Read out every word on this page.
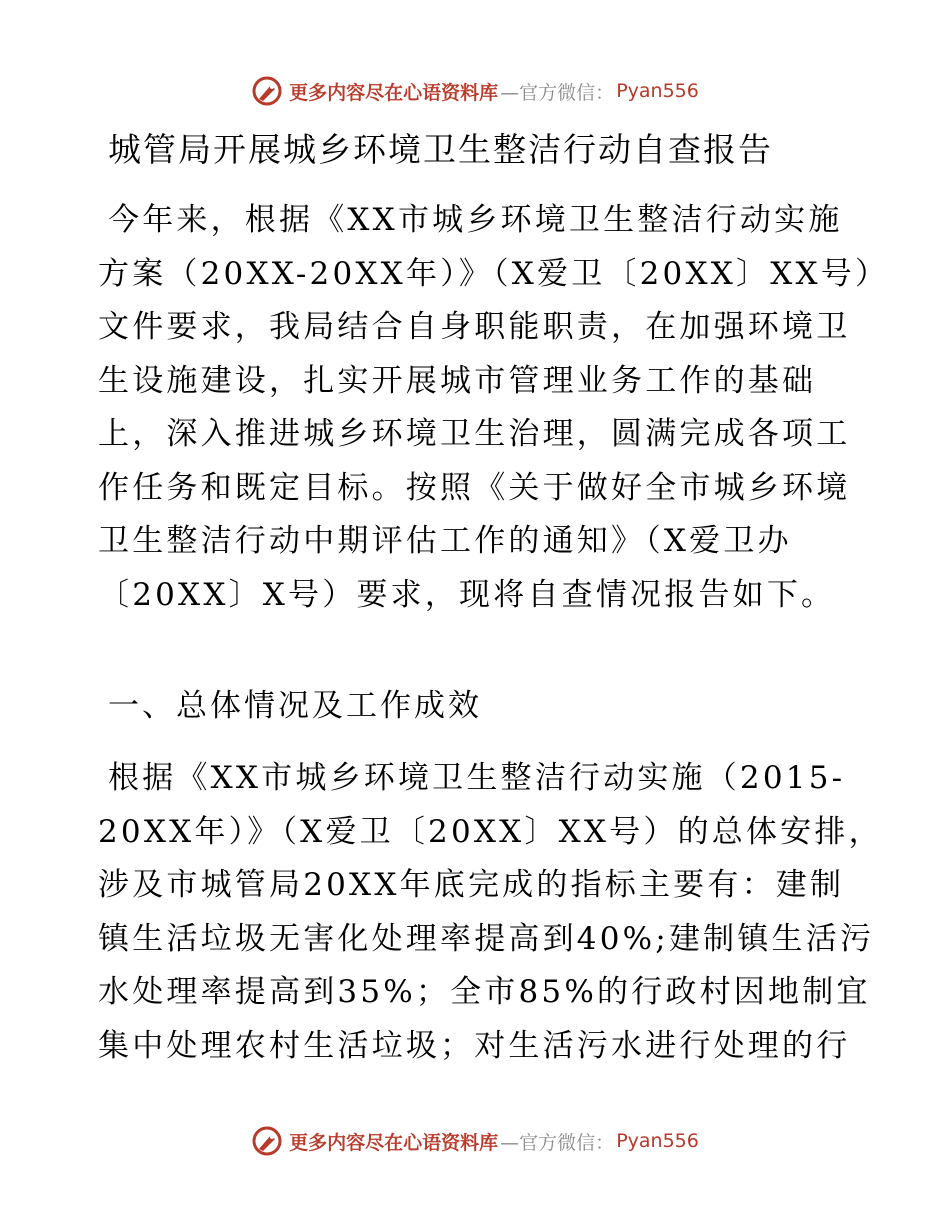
更多内容尽在心语资料库 —官方微信： Pyan556
城管局开展城乡环境卫生整洁行动自查报告
今年来，根据《XX市城乡环境卫生整洁行动实施
方案（20XX-20XX年）》（X爱卫〔20XX〕XX号）
文件要求，我局结合自身职能职责，在加强环境卫
生设施建设，扎实开展城市管理业务工作的基础
上，深入推进城乡环境卫生治理，圆满完成各项工
作任务和既定目标。按照《关于做好全市城乡环境
卫生整洁行动中期评估工作的通知》（X爱卫办
〔20XX〕X号）要求，现将自查情况报告如下。
一、总体情况及工作成效
根据《XX市城乡环境卫生整洁行动实施（2015-
20XX年）》（X爱卫〔20XX〕XX号）的总体安排，
涉及市城管局20XX年底完成的指标主要有：建制
镇生活垃圾无害化处理率提高到40%;建制镇生活污
水处理率提高到35%；全市85%的行政村因地制宜
集中处理农村生活垃圾；对生活污水进行处理的行
更多内容尽在心语资料库 —官方微信： Pyan556
